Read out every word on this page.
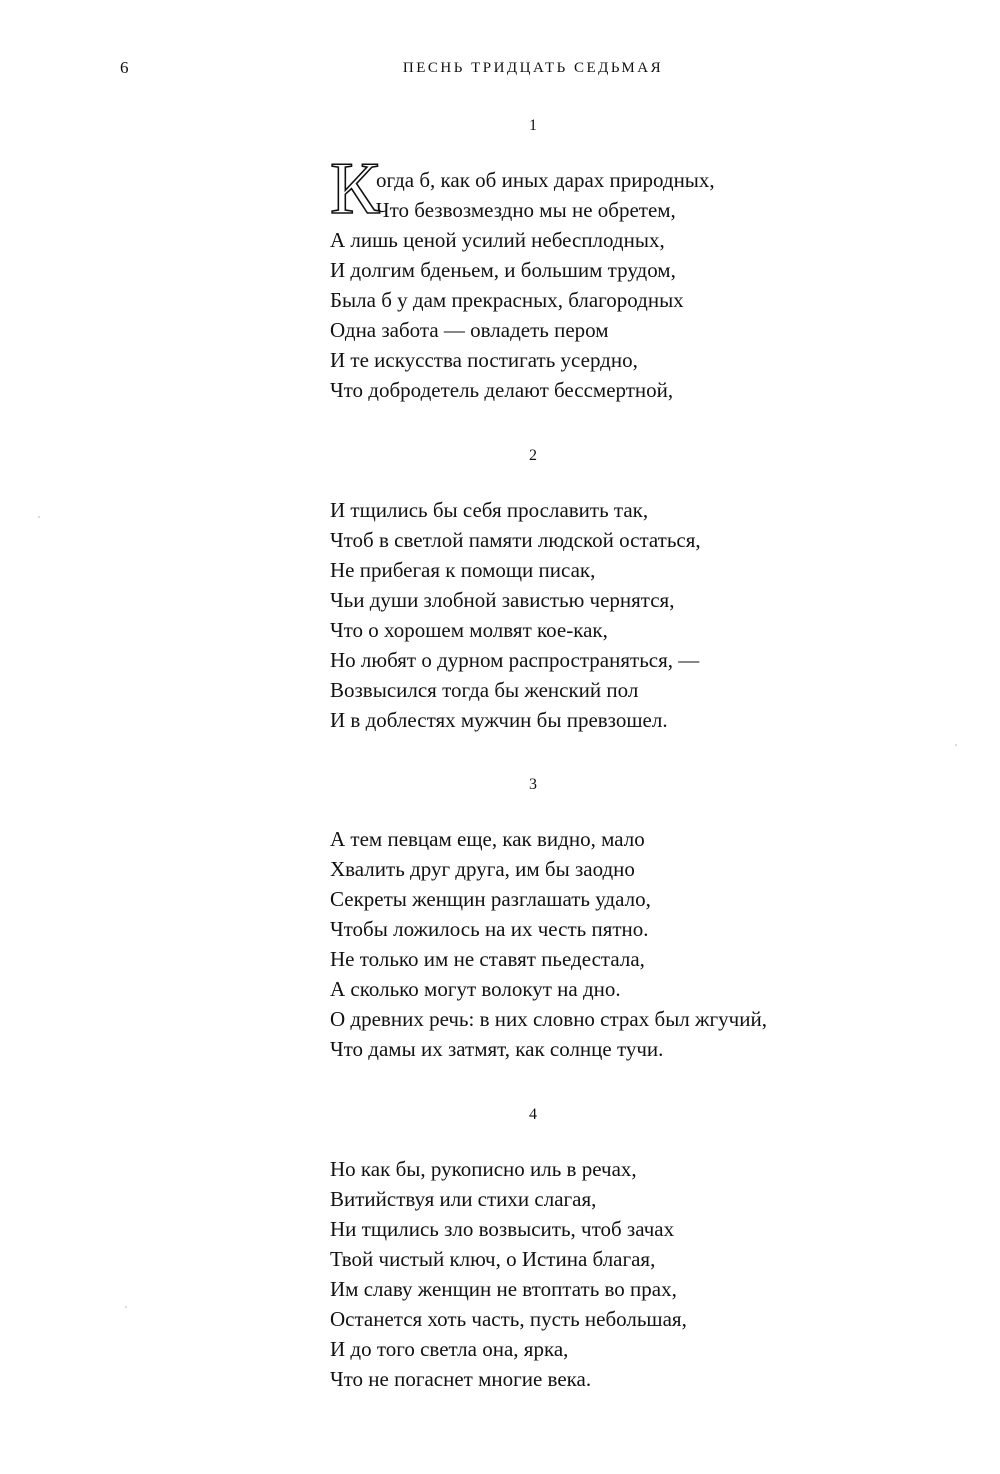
6	ПЕСНЬ ТРИДЦАТЬ СЕДЬМАЯ
1
К
огда б, как об иных дарах природных,
Что безвозмездно мы не обретем,
А лишь ценой усилий небесплодных,
И долгим бденьем, и большим трудом,
Была б у дам прекрасных, благородных
Одна забота — овладеть пером
И те искусства постигать усердно,
Что добродетель делают бессмертной,
2
И тщились бы себя прославить так,
Чтоб в светлой памяти людской остаться,
Не прибегая к помощи писак,
Чьи души злобной завистью чернятся,
Что о хорошем молвят кое-как,
Но любят о дурном распространяться, —
Возвысился тогда бы женский пол
И в доблестях мужчин бы превзошел.
3
А тем певцам еще, как видно, мало
Хвалить друг друга, им бы заодно
Секреты женщин разглашать удало,
Чтобы ложилось на их честь пятно.
Не только им не ставят пьедестала,
А сколько могут волокут на дно.
О древних речь: в них словно страх был жгучий,
Что дамы их затмят, как солнце тучи.
4
Но как бы, рукописно иль в речах,
Витийствуя или стихи слагая,
Ни тщились зло возвысить, чтоб зачах
Твой чистый ключ, о Истина благая,
Им славу женщин не втоптать во прах,
Останется хоть часть, пусть небольшая,
И до того светла она, ярка,
Что не погаснет многие века.
